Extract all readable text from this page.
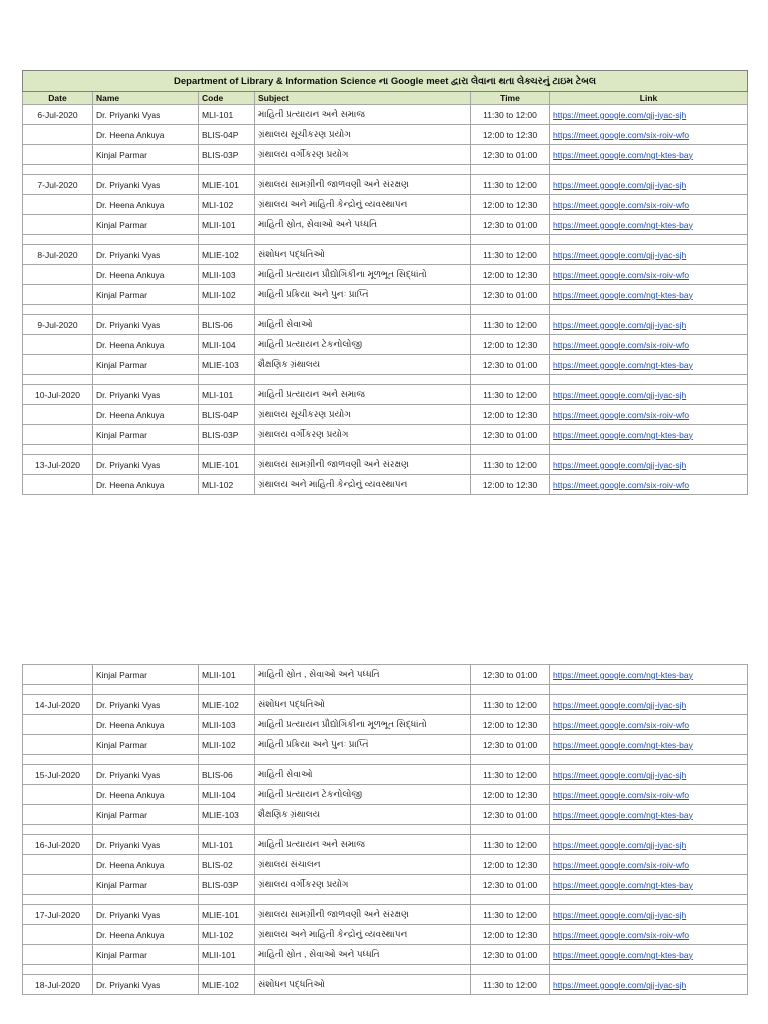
Department of Library & Information Science ના Google meet દ્વારા લેવાના થતા લેક્ચરનું ટાઇમ ટેબલ					
Date	Name	Code	Subject	Time	Link
6-Jul-2020	Dr. Priyanki Vyas	MLI-101	માહિતી પ્રત્યાયન અને સમાજ	11:30 to 12:00	https://meet.google.com/qjj-iyac-sjh
	Dr. Heena Ankuya	BLIS-04P	ગ્રંથાલય સૂચીકરણ પ્રયોગ	12:00 to 12:30	https://meet.google.com/six-roiv-wfo
	Kinjal Parmar	BLIS-03P	ગ્રંથાલય વર્ગીકરણ પ્રયોગ	12:30 to 01:00	https://meet.google.com/ngt-ktes-bay

7-Jul-2020	Dr. Priyanki Vyas	MLIE-101	ગ્રંથાલય સામગ્રીની જાળવણી અને સંરક્ષણ	11:30 to 12:00	https://meet.google.com/qjj-iyac-sjh
	Dr. Heena Ankuya	MLI-102	ગ્રંથાલય અને માહિતી કેન્દ્રોનું વ્યવસ્થાપન	12:00 to 12:30	https://meet.google.com/six-roiv-wfo
	Kinjal Parmar	MLII-101	માહિતી સ્રોત, સેવાઓ અને પધ્ધતિ	12:30 to 01:00	https://meet.google.com/ngt-ktes-bay

8-Jul-2020	Dr. Priyanki Vyas	MLIE-102	સંશોધન પદ્ધતિઓ	11:30 to 12:00	https://meet.google.com/qjj-iyac-sjh
	Dr. Heena Ankuya	MLII-103	માહિતી પ્રત્યાયન પ્રૌદ્યોગિકીના મૂળભૂત સિદ્ધાંતો	12:00 to 12:30	https://meet.google.com/six-roiv-wfo
	Kinjal Parmar	MLII-102	માહિતી પ્રક્રિયા અને પુનઃ પ્રાપ્તિ	12:30 to 01:00	https://meet.google.com/ngt-ktes-bay

9-Jul-2020	Dr. Priyanki Vyas	BLIS-06	માહિતી સેવાઓ	11:30 to 12:00	https://meet.google.com/qjj-iyac-sjh
	Dr. Heena Ankuya	MLII-104	માહિતી પ્રત્યાયન ટેકનોલોજી	12:00 to 12:30	https://meet.google.com/six-roiv-wfo
	Kinjal Parmar	MLIE-103	શૈક્ષણિક ગ્રંથાલય	12:30 to 01:00	https://meet.google.com/ngt-ktes-bay

10-Jul-2020	Dr. Priyanki Vyas	MLI-101	માહિતી પ્રત્યાયન અને સમાજ	11:30 to 12:00	https://meet.google.com/qjj-iyac-sjh
	Dr. Heena Ankuya	BLIS-04P	ગ્રંથાલય સૂચીકરણ પ્રયોગ	12:00 to 12:30	https://meet.google.com/six-roiv-wfo
	Kinjal Parmar	BLIS-03P	ગ્રંથાલય વર્ગીકરણ પ્રયોગ	12:30 to 01:00	https://meet.google.com/ngt-ktes-bay

13-Jul-2020	Dr. Priyanki Vyas	MLIE-101	ગ્રંથાલય સામગ્રીની જાળવણી અને સંરક્ષણ	11:30 to 12:00	https://meet.google.com/qjj-iyac-sjh
	Dr. Heena Ankuya	MLI-102	ગ્રંથાલય અને માહિતી કેન્દ્રોનું વ્યવસ્થાપન	12:00 to 12:30	https://meet.google.com/six-roiv-wfo
	Kinjal Parmar	MLII-101	માહિતી સ્રોત , સેવાઓ અને પધ્ધતિ	12:30 to 01:00	https://meet.google.com/ngt-ktes-bay

14-Jul-2020	Dr. Priyanki Vyas	MLIE-102	સંશોધન પદ્ધતિઓ	11:30 to 12:00	https://meet.google.com/qjj-iyac-sjh
	Dr. Heena Ankuya	MLII-103	માહિતી પ્રત્યાયન પ્રૌદ્યોગિકીના મૂળભૂત સિદ્ધાંતો	12:00 to 12:30	https://meet.google.com/six-roiv-wfo
	Kinjal Parmar	MLII-102	માહિતી પ્રક્રિયા અને પુનઃ પ્રાપ્તિ	12:30 to 01:00	https://meet.google.com/ngt-ktes-bay

15-Jul-2020	Dr. Priyanki Vyas	BLIS-06	માહિતી સેવાઓ	11:30 to 12:00	https://meet.google.com/qjj-iyac-sjh
	Dr. Heena Ankuya	MLII-104	માહિતી પ્રત્યાયન ટેકનોલોજી	12:00 to 12:30	https://meet.google.com/six-roiv-wfo
	Kinjal Parmar	MLIE-103	શૈક્ષણિક ગ્રંથાલય	12:30 to 01:00	https://meet.google.com/ngt-ktes-bay

16-Jul-2020	Dr. Priyanki Vyas	MLI-101	માહિતી પ્રત્યાયન અને સમાજ	11:30 to 12:00	https://meet.google.com/qjj-iyac-sjh
	Dr. Heena Ankuya	BLIS-02	ગ્રંથાલય સંચાલન	12:00 to 12:30	https://meet.google.com/six-roiv-wfo
	Kinjal Parmar	BLIS-03P	ગ્રંથાલય વર્ગીકરણ પ્રયોગ	12:30 to 01:00	https://meet.google.com/ngt-ktes-bay

17-Jul-2020	Dr. Priyanki Vyas	MLIE-101	ગ્રંથાલય સામગ્રીની જાળવણી અને સંરક્ષણ	11:30 to 12:00	https://meet.google.com/qjj-iyac-sjh
	Dr. Heena Ankuya	MLI-102	ગ્રંથાલય અને માહિતી કેન્દ્રોનું વ્યવસ્થાપન	12:00 to 12:30	https://meet.google.com/six-roiv-wfo
	Kinjal Parmar	MLII-101	માહિતી સ્રોત , સેવાઓ અને પધ્ધતિ	12:30 to 01:00	https://meet.google.com/ngt-ktes-bay

18-Jul-2020	Dr. Priyanki Vyas	MLIE-102	સંશોધન પદ્ધતિઓ	11:30 to 12:00	https://meet.google.com/qjj-iyac-sjh
